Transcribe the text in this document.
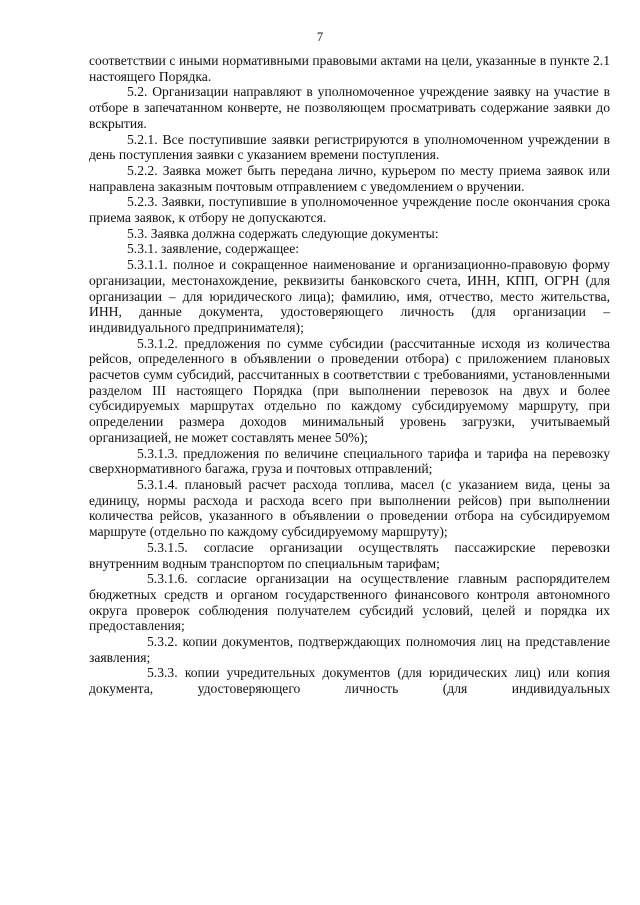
7

соответствии с иными нормативными правовыми актами на цели, указанные в пункте 2.1 настоящего Порядка.

5.2. Организации направляют в уполномоченное учреждение заявку на участие в отборе в запечатанном конверте, не позволяющем просматривать содержание заявки до вскрытия.

5.2.1. Все поступившие заявки регистрируются в уполномоченном учреждении в день поступления заявки с указанием времени поступления.

5.2.2. Заявка может быть передана лично, курьером по месту приема заявок или направлена заказным почтовым отправлением с уведомлением о вручении.

5.2.3. Заявки, поступившие в уполномоченное учреждение после окончания срока приема заявок, к отбору не допускаются.

5.3. Заявка должна содержать следующие документы:

5.3.1. заявление, содержащее:

5.3.1.1. полное и сокращенное наименование и организационно-правовую форму организации, местонахождение, реквизиты банковского счета, ИНН, КПП, ОГРН (для организации – для юридического лица); фамилию, имя, отчество, место жительства, ИНН, данные документа, удостоверяющего личность (для организации – индивидуального предпринимателя);

5.3.1.2. предложения по сумме субсидии (рассчитанные исходя из количества рейсов, определенного в объявлении о проведении отбора) с приложением плановых расчетов сумм субсидий, рассчитанных в соответствии с требованиями, установленными разделом III настоящего Порядка (при выполнении перевозок на двух и более субсидируемых маршрутах отдельно по каждому субсидируемому маршруту, при определении размера доходов минимальный уровень загрузки, учитываемый организацией, не может составлять менее 50%);

5.3.1.3. предложения по величине специального тарифа и тарифа на перевозку сверхнормативного багажа, груза и почтовых отправлений;

5.3.1.4. плановый расчет расхода топлива, масел (с указанием вида, цены за единицу, нормы расхода и расхода всего при выполнении рейсов) при выполнении количества рейсов, указанного в объявлении о проведении отбора на субсидируемом маршруте (отдельно по каждому субсидируемому маршруту);

5.3.1.5. согласие организации осуществлять пассажирские перевозки внутренним водным транспортом по специальным тарифам;

5.3.1.6. согласие организации на осуществление главным распорядителем бюджетных средств и органом государственного финансового контроля автономного округа проверок соблюдения получателем субсидий условий, целей и порядка их предоставления;

5.3.2. копии документов, подтверждающих полномочия лиц на представление заявления;

5.3.3. копии учредительных документов (для юридических лиц) или копия документа, удостоверяющего личность (для индивидуальных
